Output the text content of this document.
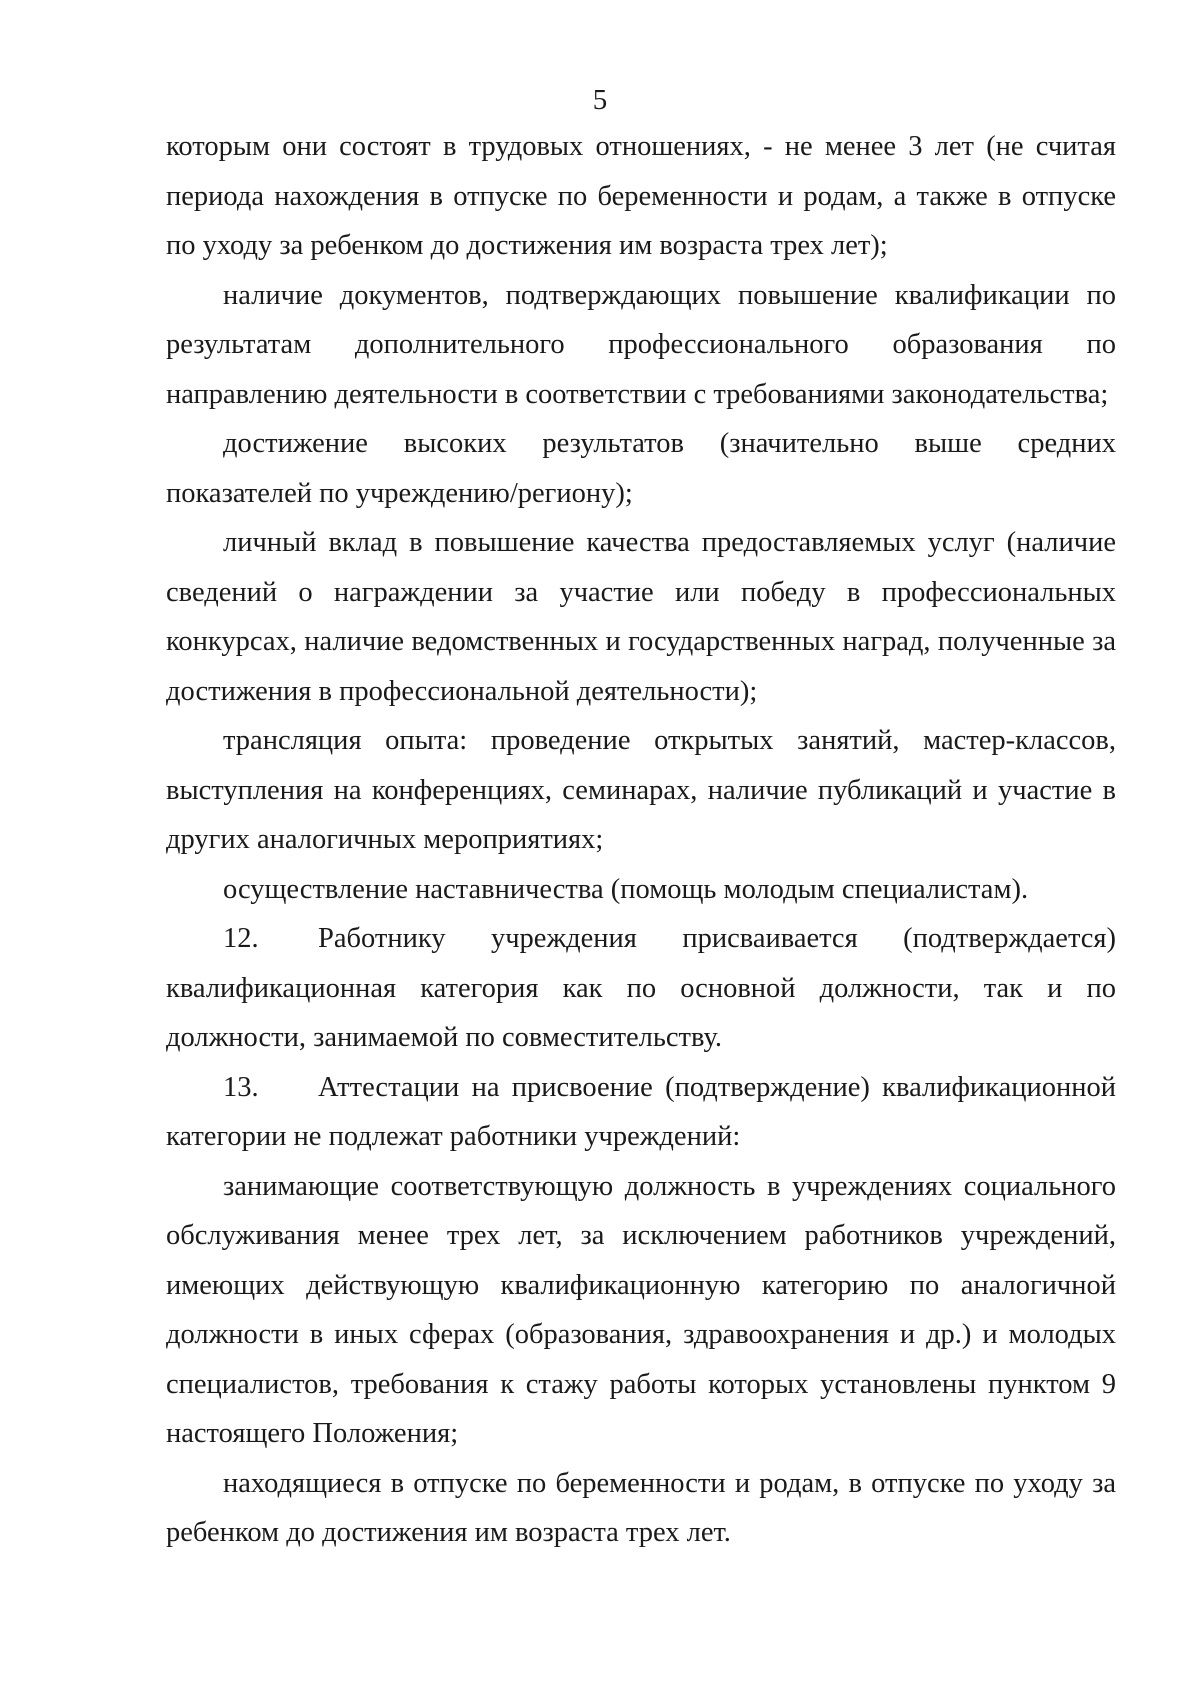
5

которым они состоят в трудовых отношениях, - не менее 3 лет (не считая периода нахождения в отпуске по беременности и родам, а также в отпуске по уходу за ребенком до достижения им возраста трех лет);

наличие документов, подтверждающих повышение квалификации по результатам дополнительного профессионального образования по направлению деятельности в соответствии с требованиями законодательства;

достижение высоких результатов (значительно выше средних показателей по учреждению/региону);

личный вклад в повышение качества предоставляемых услуг (наличие сведений о награждении за участие или победу в профессиональных конкурсах, наличие ведомственных и государственных наград, полученные за достижения в профессиональной деятельности);

трансляция опыта: проведение открытых занятий, мастер-классов, выступления на конференциях, семинарах, наличие публикаций и участие в других аналогичных мероприятиях;

осуществление наставничества (помощь молодым специалистам).

12. Работнику учреждения присваивается (подтверждается) квалификационная категория как по основной должности, так и по должности, занимаемой по совместительству.

13. Аттестации на присвоение (подтверждение) квалификационной категории не подлежат работники учреждений:

занимающие соответствующую должность в учреждениях социального обслуживания менее трех лет, за исключением работников учреждений, имеющих действующую квалификационную категорию по аналогичной должности в иных сферах (образования, здравоохранения и др.) и молодых специалистов, требования к стажу работы которых установлены пунктом 9 настоящего Положения;

находящиеся в отпуске по беременности и родам, в отпуске по уходу за ребенком до достижения им возраста трех лет.
